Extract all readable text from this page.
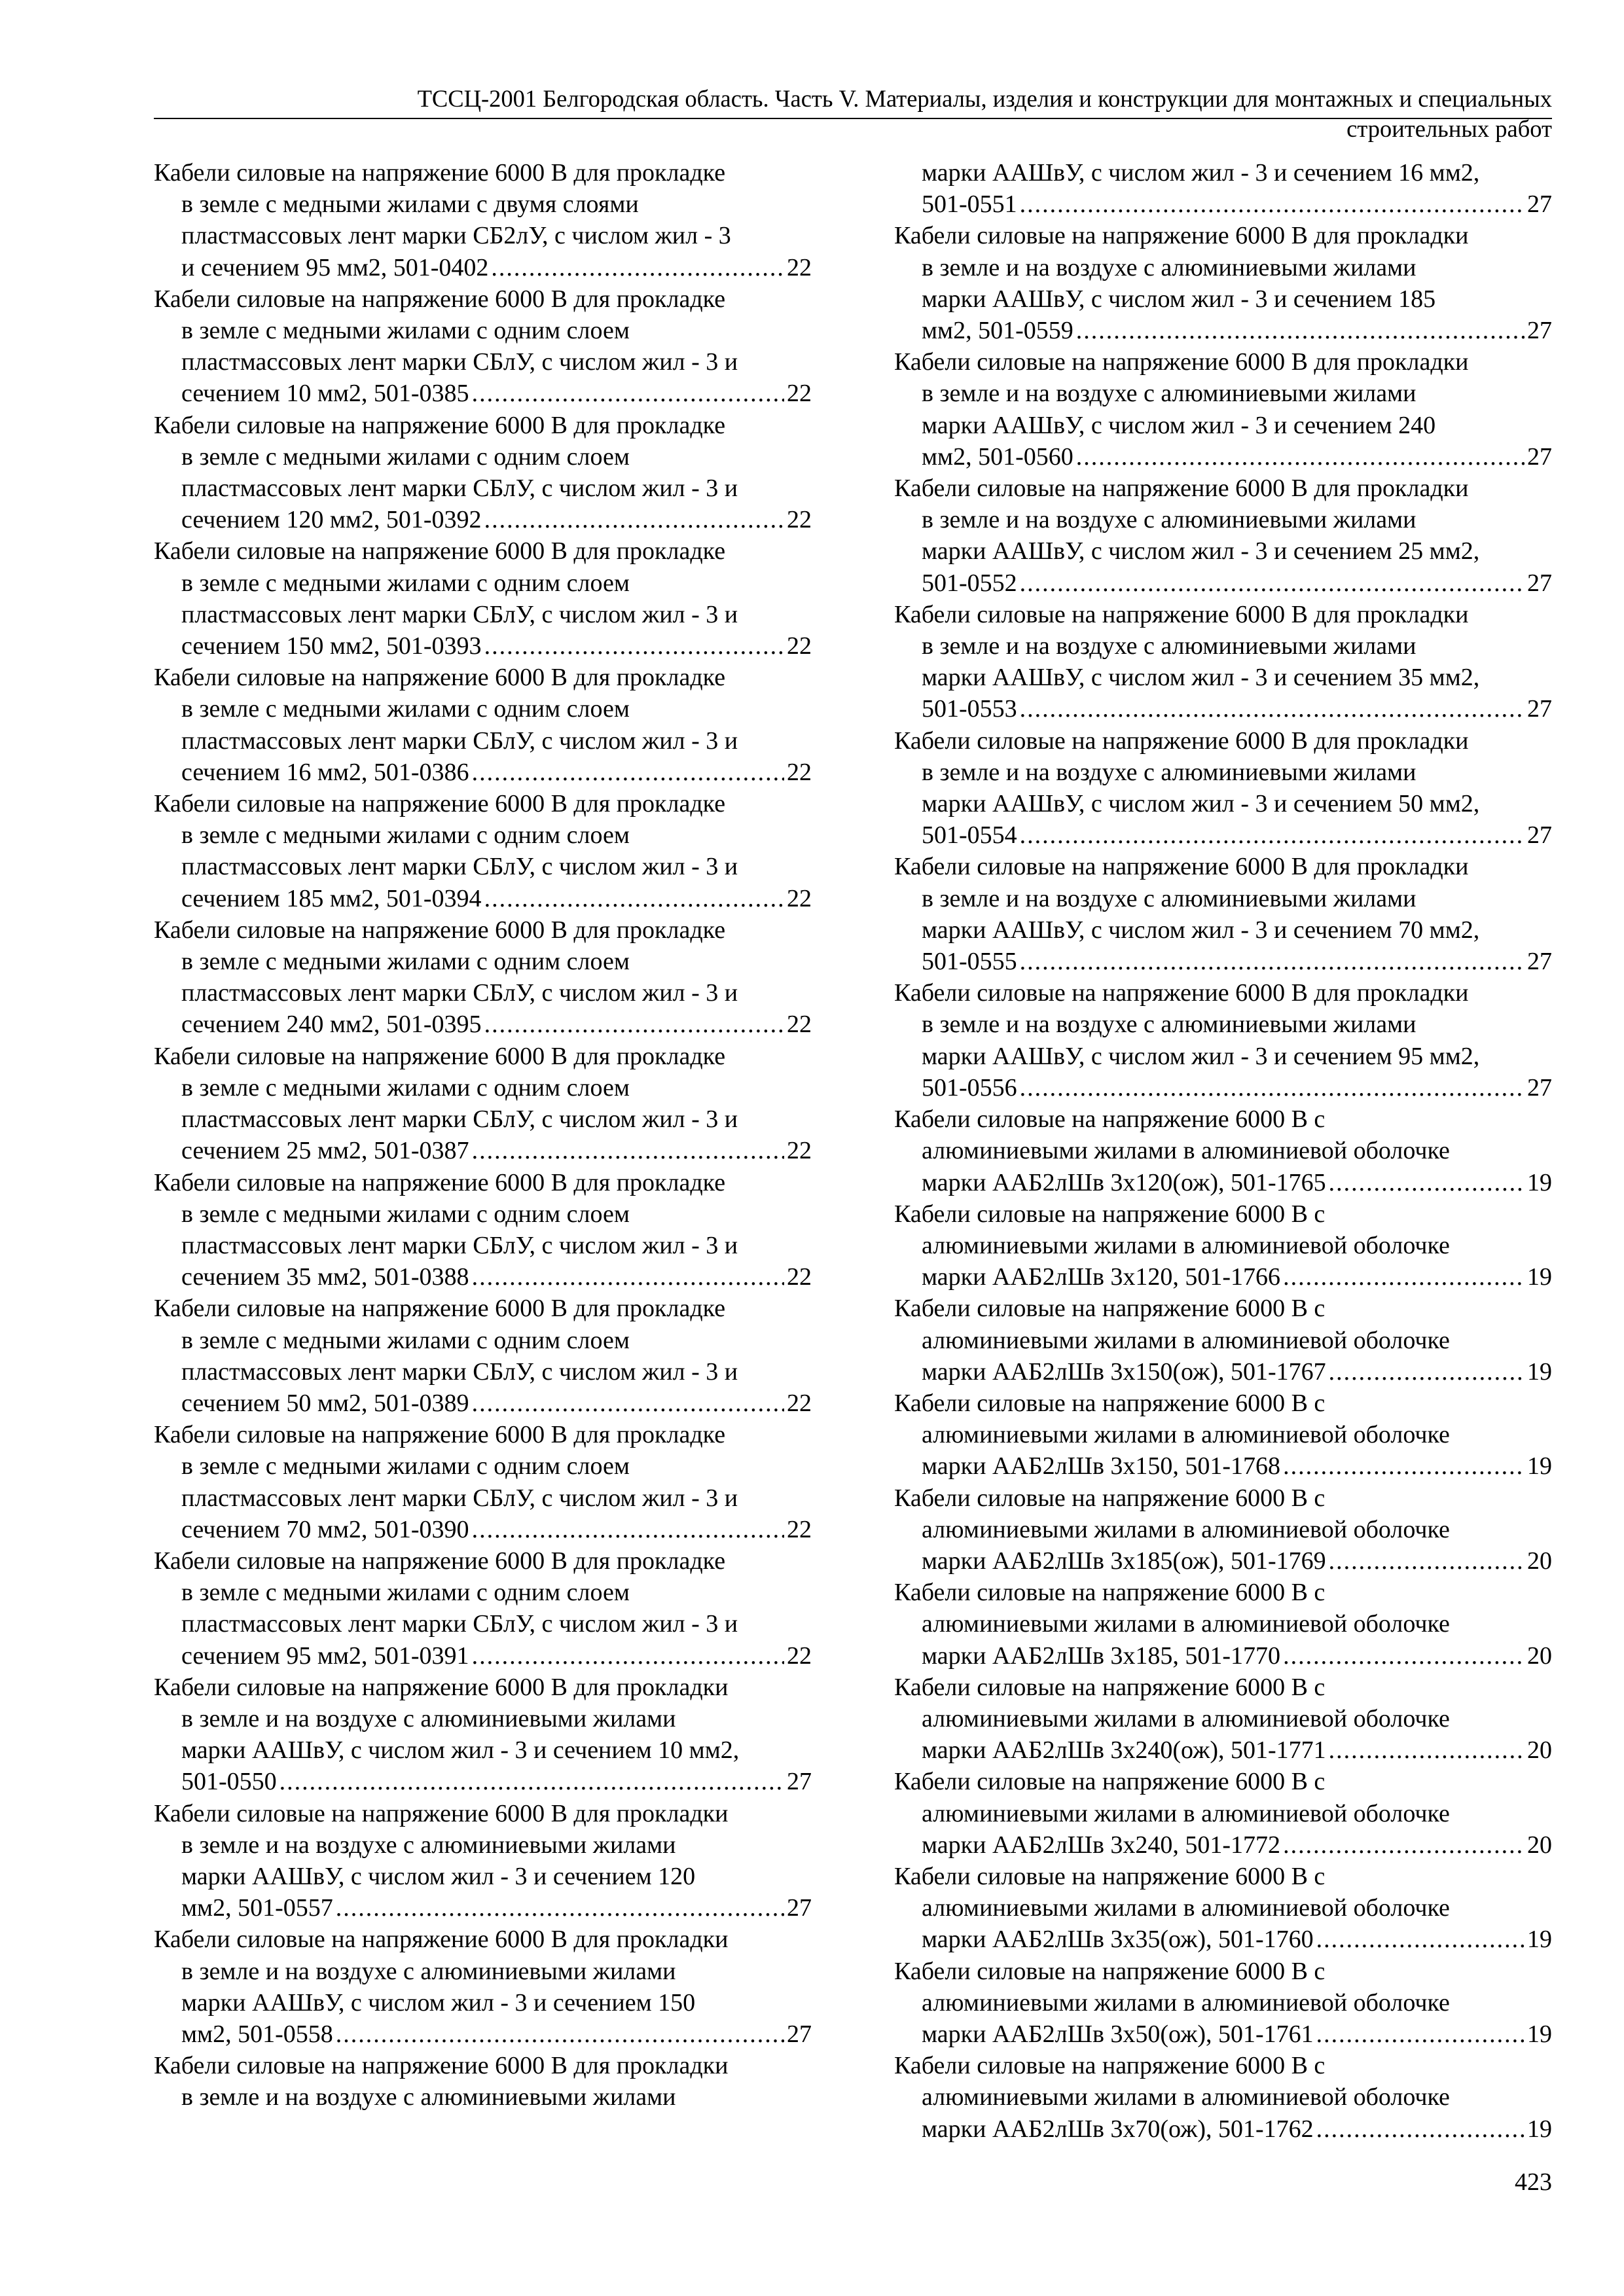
ТССЦ-2001 Белгородская область. Часть V. Материалы, изделия и конструкции для монтажных и специальных
строительных работ
Кабели силовые на напряжение 6000 В для прокладке
в земле с медными жилами с двумя слоями
пластмассовых лент марки СБ2лУ, с числом жил - 3
и сечением 95 мм2, 501-0402 .....	22
Кабели силовые на напряжение 6000 В для прокладке
в земле с медными жилами с одним слоем
пластмассовых лент марки СБлУ, с числом жил - 3 и
сечением 10 мм2, 501-0385 .....	22
Кабели силовые на напряжение 6000 В для прокладке
в земле с медными жилами с одним слоем
пластмассовых лент марки СБлУ, с числом жил - 3 и
сечением 120 мм2, 501-0392 .....	22
Кабели силовые на напряжение 6000 В для прокладке
в земле с медными жилами с одним слоем
пластмассовых лент марки СБлУ, с числом жил - 3 и
сечением 150 мм2, 501-0393 .....	22
Кабели силовые на напряжение 6000 В для прокладке
в земле с медными жилами с одним слоем
пластмассовых лент марки СБлУ, с числом жил - 3 и
сечением 16 мм2, 501-0386 .....	22
Кабели силовые на напряжение 6000 В для прокладке
в земле с медными жилами с одним слоем
пластмассовых лент марки СБлУ, с числом жил - 3 и
сечением 185 мм2, 501-0394 .....	22
Кабели силовые на напряжение 6000 В для прокладке
в земле с медными жилами с одним слоем
пластмассовых лент марки СБлУ, с числом жил - 3 и
сечением 240 мм2, 501-0395 .....	22
Кабели силовые на напряжение 6000 В для прокладке
в земле с медными жилами с одним слоем
пластмассовых лент марки СБлУ, с числом жил - 3 и
сечением 25 мм2, 501-0387 .....	22
Кабели силовые на напряжение 6000 В для прокладке
в земле с медными жилами с одним слоем
пластмассовых лент марки СБлУ, с числом жил - 3 и
сечением 35 мм2, 501-0388 .....	22
Кабели силовые на напряжение 6000 В для прокладке
в земле с медными жилами с одним слоем
пластмассовых лент марки СБлУ, с числом жил - 3 и
сечением 50 мм2, 501-0389 .....	22
Кабели силовые на напряжение 6000 В для прокладке
в земле с медными жилами с одним слоем
пластмассовых лент марки СБлУ, с числом жил - 3 и
сечением 70 мм2, 501-0390 .....	22
Кабели силовые на напряжение 6000 В для прокладке
в земле с медными жилами с одним слоем
пластмассовых лент марки СБлУ, с числом жил - 3 и
сечением 95 мм2, 501-0391 .....	22
Кабели силовые на напряжение 6000 В для прокладки
в земле и на воздухе с алюминиевыми жилами
марки ААШвУ, с числом жил - 3 и сечением 10 мм2,
501-0550 .....	27
Кабели силовые на напряжение 6000 В для прокладки
в земле и на воздухе с алюминиевыми жилами
марки ААШвУ, с числом жил - 3 и сечением 120
мм2, 501-0557 .....	27
Кабели силовые на напряжение 6000 В для прокладки
в земле и на воздухе с алюминиевыми жилами
марки ААШвУ, с числом жил - 3 и сечением 150
мм2, 501-0558 .....	27
Кабели силовые на напряжение 6000 В для прокладки
в земле и на воздухе с алюминиевыми жилами
марки ААШвУ, с числом жил - 3 и сечением 16 мм2,
501-0551 .....	27
Кабели силовые на напряжение 6000 В для прокладки
в земле и на воздухе с алюминиевыми жилами
марки ААШвУ, с числом жил - 3 и сечением 185
мм2, 501-0559 .....	27
Кабели силовые на напряжение 6000 В для прокладки
в земле и на воздухе с алюминиевыми жилами
марки ААШвУ, с числом жил - 3 и сечением 240
мм2, 501-0560 .....	27
Кабели силовые на напряжение 6000 В для прокладки
в земле и на воздухе с алюминиевыми жилами
марки ААШвУ, с числом жил - 3 и сечением 25 мм2,
501-0552 .....	27
Кабели силовые на напряжение 6000 В для прокладки
в земле и на воздухе с алюминиевыми жилами
марки ААШвУ, с числом жил - 3 и сечением 35 мм2,
501-0553 .....	27
Кабели силовые на напряжение 6000 В для прокладки
в земле и на воздухе с алюминиевыми жилами
марки ААШвУ, с числом жил - 3 и сечением 50 мм2,
501-0554 .....	27
Кабели силовые на напряжение 6000 В для прокладки
в земле и на воздухе с алюминиевыми жилами
марки ААШвУ, с числом жил - 3 и сечением 70 мм2,
501-0555 .....	27
Кабели силовые на напряжение 6000 В для прокладки
в земле и на воздухе с алюминиевыми жилами
марки ААШвУ, с числом жил - 3 и сечением 95 мм2,
501-0556 .....	27
Кабели силовые на напряжение 6000 В с
алюминиевыми жилами в алюминиевой оболочке
марки ААБ2лШв 3х120(ож), 501-1765 .....	19
Кабели силовые на напряжение 6000 В с
алюминиевыми жилами в алюминиевой оболочке
марки ААБ2лШв 3х120, 501-1766 .....	19
Кабели силовые на напряжение 6000 В с
алюминиевыми жилами в алюминиевой оболочке
марки ААБ2лШв 3х150(ож), 501-1767 .....	19
Кабели силовые на напряжение 6000 В с
алюминиевыми жилами в алюминиевой оболочке
марки ААБ2лШв 3х150, 501-1768 .....	19
Кабели силовые на напряжение 6000 В с
алюминиевыми жилами в алюминиевой оболочке
марки ААБ2лШв 3х185(ож), 501-1769 .....	20
Кабели силовые на напряжение 6000 В с
алюминиевыми жилами в алюминиевой оболочке
марки ААБ2лШв 3х185, 501-1770 .....	20
Кабели силовые на напряжение 6000 В с
алюминиевыми жилами в алюминиевой оболочке
марки ААБ2лШв 3х240(ож), 501-1771 .....	20
Кабели силовые на напряжение 6000 В с
алюминиевыми жилами в алюминиевой оболочке
марки ААБ2лШв 3х240, 501-1772 .....	20
Кабели силовые на напряжение 6000 В с
алюминиевыми жилами в алюминиевой оболочке
марки ААБ2лШв 3х35(ож), 501-1760 .....	19
Кабели силовые на напряжение 6000 В с
алюминиевыми жилами в алюминиевой оболочке
марки ААБ2лШв 3х50(ож), 501-1761 .....	19
Кабели силовые на напряжение 6000 В с
алюминиевыми жилами в алюминиевой оболочке
марки ААБ2лШв 3х70(ож), 501-1762 .....	19
423
